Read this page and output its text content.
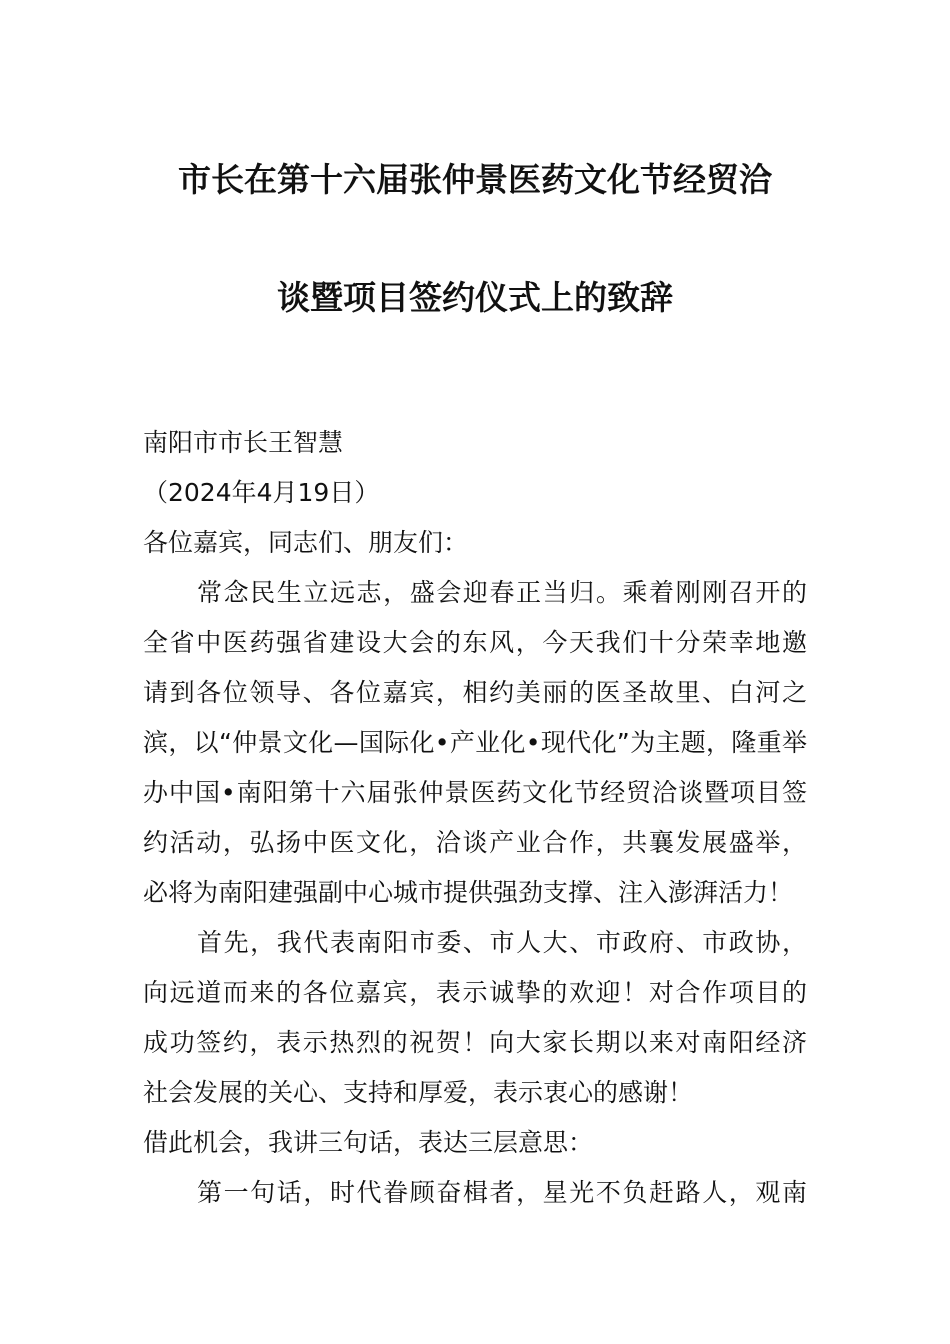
市长在第十六届张仲景医药文化节经贸洽
谈暨项目签约仪式上的致辞
南阳市市长王智慧
（2024年4月19日）
各位嘉宾，同志们、朋友们：
常念民生立远志，盛会迎春正当归。乘着刚刚召开的
全省中医药强省建设大会的东风，今天我们十分荣幸地邀
请到各位领导、各位嘉宾，相约美丽的医圣故里、白河之
滨，以“仲景文化—国际化•产业化•现代化”为主题，隆重举
办中国•南阳第十六届张仲景医药文化节经贸洽谈暨项目签
约活动，弘扬中医文化，洽谈产业合作，共襄发展盛举，
必将为南阳建强副中心城市提供强劲支撑、注入澎湃活力！
首先，我代表南阳市委、市人大、市政府、市政协，
向远道而来的各位嘉宾，表示诚挚的欢迎！对合作项目的
成功签约，表示热烈的祝贺！向大家长期以来对南阳经济
社会发展的关心、支持和厚爱，表示衷心的感谢！
借此机会，我讲三句话，表达三层意思：
第一句话，时代眷顾奋楫者，星光不负赶路人，观南
